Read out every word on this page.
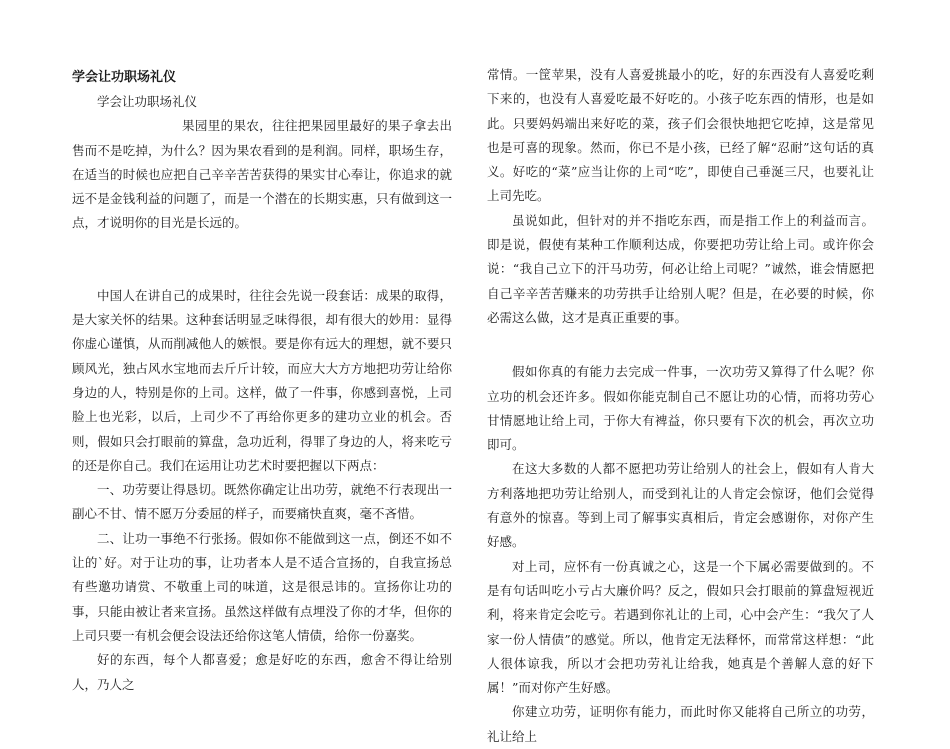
学会让功职场礼仪

学会让功职场礼仪

果园里的果农，往往把果园里最好的果子拿去出售而不是吃掉，为什么？因为果农看到的是利润。同样，职场生存，在适当的时候也应把自己辛辛苦苦获得的果实甘心奉让，你追求的就远不是金钱利益的问题了，而是一个潜在的长期实惠，只有做到这一点，才说明你的目光是长远的。

中国人在讲自己的成果时，往往会先说一段套话：成果的取得，是大家关怀的结果。这种套话明显乏味得很，却有很大的妙用：显得你虚心谨慎，从而削减他人的嫉恨。要是你有远大的理想，就不要只顾风光，独占风水宝地而去斤斤计较，而应大大方方地把功劳让给你身边的人，特别是你的上司。这样，做了一件事，你感到喜悦，上司脸上也光彩，以后，上司少不了再给你更多的建功立业的机会。否则，假如只会打眼前的算盘，急功近利，得罪了身边的人，将来吃亏的还是你自己。我们在运用让功艺术时要把握以下两点：

一、功劳要让得恳切。既然你确定让出功劳，就绝不行表现出一副心不甘、情不愿万分委屈的样子，而要痛快直爽，毫不吝惜。

二、让功一事绝不行张扬。假如你不能做到这一点，倒还不如不让的`好。对于让功的事，让功者本人是不适合宣扬的，自我宣扬总有些邀功请赏、不敬重上司的味道，这是很忌讳的。宣扬你让功的事，只能由被让者来宣扬。虽然这样做有点埋没了你的才华，但你的上司只要一有机会便会设法还给你这笔人情债，给你一份嘉奖。

好的东西，每个人都喜爱；愈是好吃的东西，愈舍不得让给别人，乃人之

常情。一筐苹果，没有人喜爱挑最小的吃，好的东西没有人喜爱吃剩下来的，也没有人喜爱吃最不好吃的。小孩子吃东西的情形，也是如此。只要妈妈端出来好吃的菜，孩子们会很快地把它吃掉，这是常见也是可喜的现象。然而，你已不是小孩，已经了解“忍耐”这句话的真义。好吃的“菜”应当让你的上司“吃”，即使自己垂涎三尺，也要礼让上司先吃。

虽说如此，但针对的并不指吃东西，而是指工作上的利益而言。即是说，假使有某种工作顺利达成，你要把功劳让给上司。或许你会说：“我自己立下的汗马功劳，何必让给上司呢？”诚然，谁会情愿把自己辛辛苦苦赚来的功劳拱手让给别人呢？但是，在必要的时候，你必需这么做，这才是真正重要的事。

假如你真的有能力去完成一件事，一次功劳又算得了什么呢？你立功的机会还许多。假如你能克制自己不愿让功的心情，而将功劳心甘情愿地让给上司，于你大有裨益，你只要有下次的机会，再次立功即可。

在这大多数的人都不愿把功劳让给别人的社会上，假如有人肯大方利落地把功劳让给别人，而受到礼让的人肯定会惊讶，他们会觉得有意外的惊喜。等到上司了解事实真相后，肯定会感谢你，对你产生好感。

对上司，应怀有一份真诚之心，这是一个下属必需要做到的。不是有句话叫吃小亏占大廉价吗？反之，假如只会打眼前的算盘短视近利，将来肯定会吃亏。若遇到你礼让的上司，心中会产生：“我欠了人家一份人情债”的感觉。所以，他肯定无法释怀，而常常这样想：“此人很体谅我，所以才会把功劳礼让给我，她真是个善解人意的好下属！”而对你产生好感。

你建立功劳，证明你有能力，而此时你又能将自己所立的功劳，礼让给上
